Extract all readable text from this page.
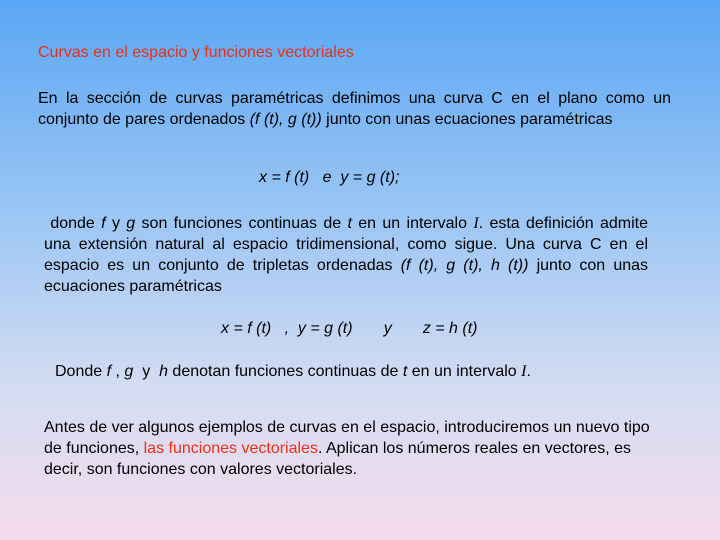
Curvas en el espacio y funciones vectoriales

En la sección de curvas paramétricas definimos una curva C en el plano como un conjunto de pares ordenados (f (t), g (t)) junto con unas ecuaciones paramétricas

x = f (t)   e  y = g (t);

donde f y g son funciones continuas de t en un intervalo I. esta definición admite una extensión natural al espacio tridimensional, como sigue. Una curva C en el espacio es un conjunto de tripletas ordenadas (f (t), g (t), h (t)) junto con unas ecuaciones paramétricas

x = f (t)   ,  y = g (t)       y       z = h (t)

Donde f , g  y  h denotan funciones continuas de t en un intervalo I.

Antes de ver algunos ejemplos de curvas en el espacio, introduciremos un nuevo tipo de funciones, las funciones vectoriales. Aplican los números reales en vectores, es decir, son funciones con valores vectoriales.
